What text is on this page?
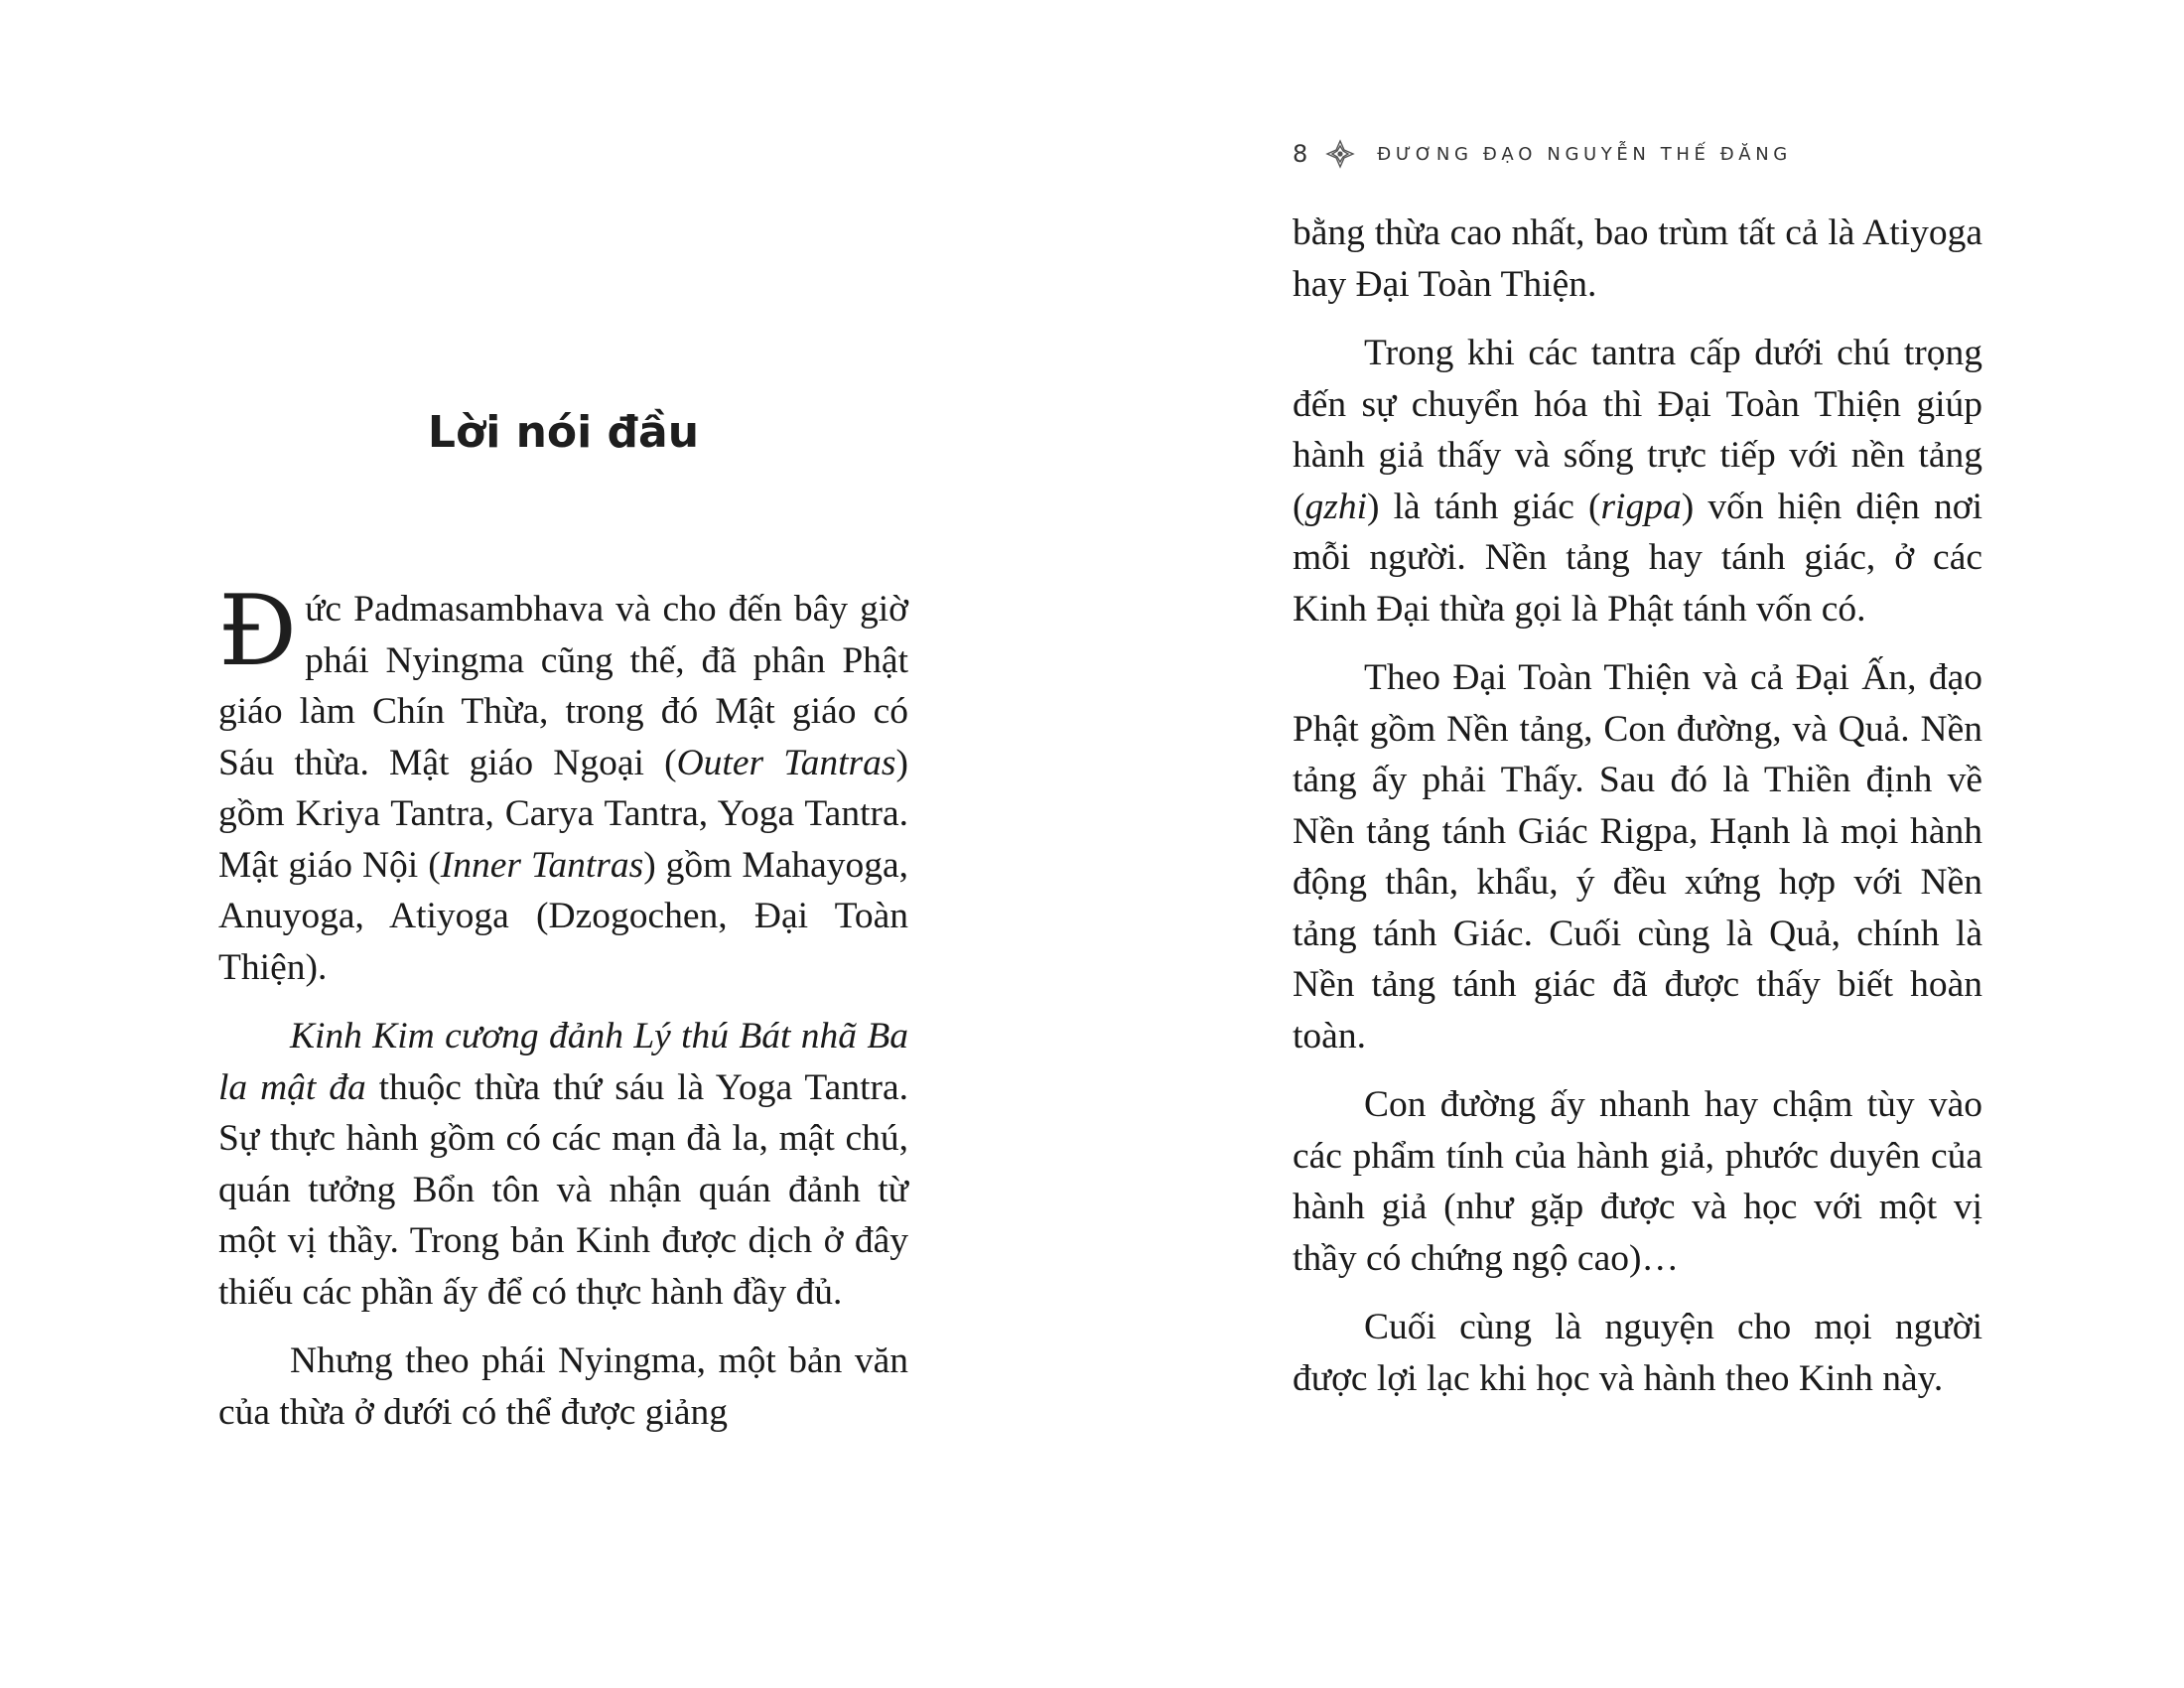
Lời nói đầu

Đức Padmasambhava và cho đến bây giờ phái Nyingma cũng thế, đã phân Phật giáo làm Chín Thừa, trong đó Mật giáo có Sáu thừa. Mật giáo Ngoại (Outer Tantras) gồm Kriya Tantra, Carya Tantra, Yoga Tantra. Mật giáo Nội (Inner Tantras) gồm Mahayoga, Anuyoga, Atiyoga (Dzogochen, Đại Toàn Thiện).

Kinh Kim cương đảnh Lý thú Bát nhã Ba la mật đa thuộc thừa thứ sáu là Yoga Tantra. Sự thực hành gồm có các mạn đà la, mật chú, quán tưởng Bổn tôn và nhận quán đảnh từ một vị thầy. Trong bản Kinh được dịch ở đây thiếu các phần ấy để có thực hành đầy đủ.

Nhưng theo phái Nyingma, một bản văn của thừa ở dưới có thể được giảng

8	ĐƯƠNG ĐẠO NGUYỄN THẾ ĐĂNG

bằng thừa cao nhất, bao trùm tất cả là Atiyoga hay Đại Toàn Thiện.

Trong khi các tantra cấp dưới chú trọng đến sự chuyển hóa thì Đại Toàn Thiện giúp hành giả thấy và sống trực tiếp với nền tảng (gzhi) là tánh giác (rigpa) vốn hiện diện nơi mỗi người. Nền tảng hay tánh giác, ở các Kinh Đại thừa gọi là Phật tánh vốn có.

Theo Đại Toàn Thiện và cả Đại Ấn, đạo Phật gồm Nền tảng, Con đường, và Quả. Nền tảng ấy phải Thấy. Sau đó là Thiền định về Nền tảng tánh Giác Rigpa, Hạnh là mọi hành động thân, khẩu, ý đều xứng hợp với Nền tảng tánh Giác. Cuối cùng là Quả, chính là Nền tảng tánh giác đã được thấy biết hoàn toàn.

Con đường ấy nhanh hay chậm tùy vào các phẩm tính của hành giả, phước duyên của hành giả (như gặp được và học với một vị thầy có chứng ngộ cao)…

Cuối cùng là nguyện cho mọi người được lợi lạc khi học và hành theo Kinh này.
